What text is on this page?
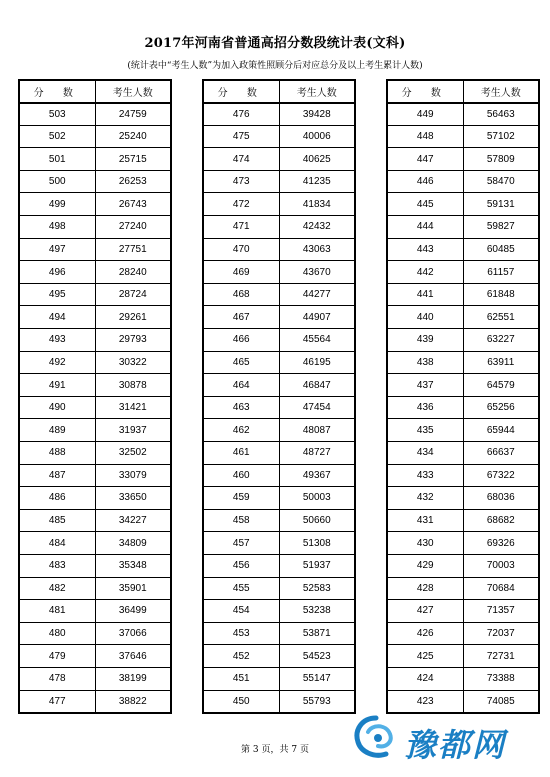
2017年河南省普通高招分数段统计表(文科)
(统计表中“考生人数”为加入政策性照顾分后对应总分及以上考生累计人数)
分 数	考生人数
503	24759
502	25240
501	25715
500	26253
499	26743
498	27240
497	27751
496	28240
495	28724
494	29261
493	29793
492	30322
491	30878
490	31421
489	31937
488	32502
487	33079
486	33650
485	34227
484	34809
483	35348
482	35901
481	36499
480	37066
479	37646
478	38199
477	38822
分 数	考生人数
476	39428
475	40006
474	40625
473	41235
472	41834
471	42432
470	43063
469	43670
468	44277
467	44907
466	45564
465	46195
464	46847
463	47454
462	48087
461	48727
460	49367
459	50003
458	50660
457	51308
456	51937
455	52583
454	53238
453	53871
452	54523
451	55147
450	55793
分 数	考生人数
449	56463
448	57102
447	57809
446	58470
445	59131
444	59827
443	60485
442	61157
441	61848
440	62551
439	63227
438	63911
437	64579
436	65256
435	65944
434	66637
433	67322
432	68036
431	68682
430	69326
429	70003
428	70684
427	71357
426	72037
425	72731
424	73388
423	74085
第 3 页，共 7 页	豫都网
